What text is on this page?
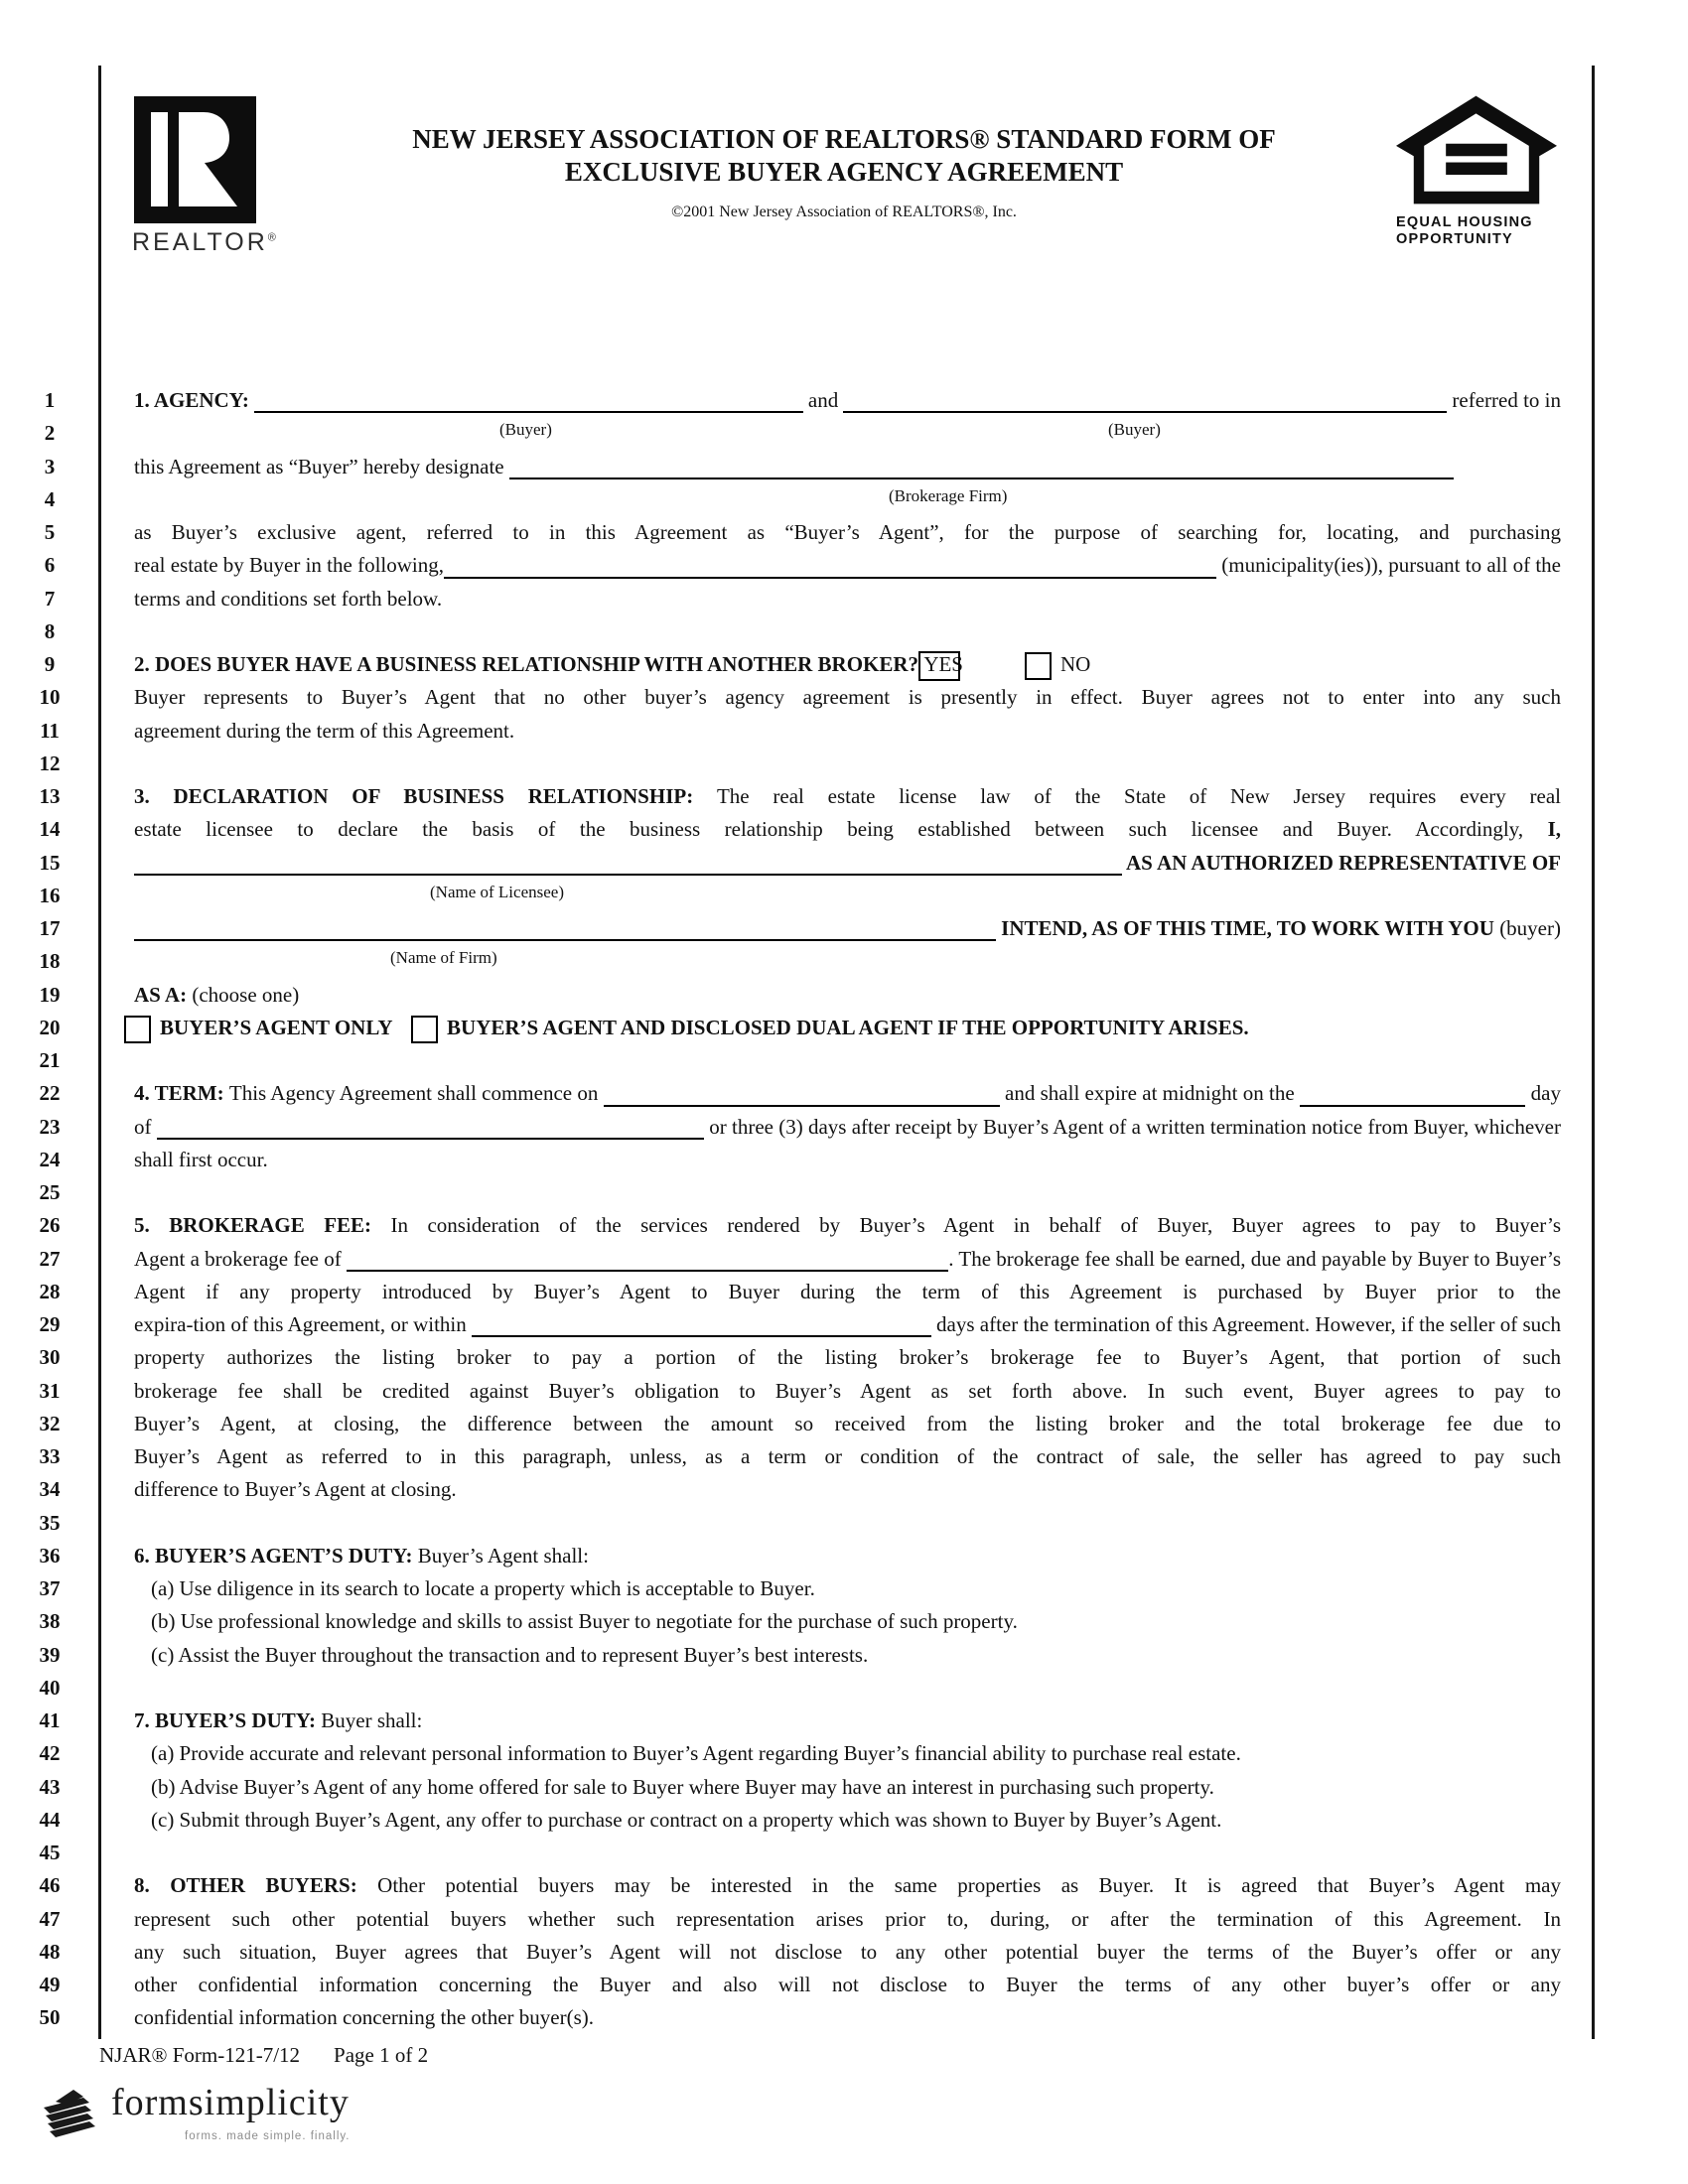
REALTOR®
NEW JERSEY ASSOCIATION OF REALTORS® STANDARD FORM OF
EXCLUSIVE BUYER AGENCY AGREEMENT
©2001 New Jersey Association of REALTORS®, Inc.
EQUAL HOUSING
OPPORTUNITY
1
2
3
4
5
6
7
8
9
10
11
12
13
14
15
16
17
18
19
20
21
22
23
24
25
26
27
28
29
30
31
32
33
34
35
36
37
38
39
40
41
42
43
44
45
46
47
48
49
50
1. AGENCY:	and	referred to in
(Buyer)	(Buyer)
this Agreement as “Buyer” hereby designate
(Brokerage Firm)
as Buyer’s exclusive agent, referred to in this Agreement as “Buyer’s Agent”, for the purpose of searching for, locating, and purchasing
real estate by Buyer in the following,	(municipality(ies)), pursuant to all of the
terms and conditions set forth below.
2. DOES BUYER HAVE A BUSINESS RELATIONSHIP WITH ANOTHER BROKER? YES	NO
Buyer represents to Buyer’s Agent that no other buyer’s agency agreement is presently in effect. Buyer agrees not to enter into any such
agreement during the term of this Agreement.
3. DECLARATION OF BUSINESS RELATIONSHIP: The real estate license law of the State of New Jersey requires every real
estate licensee to declare the basis of the business relationship being established between such licensee and Buyer. Accordingly, I,
AS AN AUTHORIZED REPRESENTATIVE OF
(Name of Licensee)
INTEND, AS OF THIS TIME, TO WORK WITH YOU (buyer)
(Name of Firm)
AS A: (choose one)
BUYER’S AGENT ONLY BUYER’S AGENT AND DISCLOSED DUAL AGENT IF THE OPPORTUNITY ARISES.
4. TERM: This Agency Agreement shall commence on	and shall expire at midnight on the	day
of	or three (3) days after receipt by Buyer’s Agent of a written termination notice from Buyer, whichever
shall first occur.
5. BROKERAGE FEE: In consideration of the services rendered by Buyer’s Agent in behalf of Buyer, Buyer agrees to pay to Buyer’s
Agent a brokerage fee of	. The brokerage fee shall be earned, due and payable by Buyer to Buyer’s
Agent if any property introduced by Buyer’s Agent to Buyer during the term of this Agreement is purchased by Buyer prior to the
expira-tion of this Agreement, or within	days after the termination of this Agreement. However, if the seller of such
property authorizes the listing broker to pay a portion of the listing broker’s brokerage fee to Buyer’s Agent, that portion of such
brokerage fee shall be credited against Buyer’s obligation to Buyer’s Agent as set forth above. In such event, Buyer agrees to pay to
Buyer’s Agent, at closing, the difference between the amount so received from the listing broker and the total brokerage fee due to
Buyer’s Agent as referred to in this paragraph, unless, as a term or condition of the contract of sale, the seller has agreed to pay such
difference to Buyer’s Agent at closing.
6. BUYER’S AGENT’S DUTY: Buyer’s Agent shall:
(a) Use diligence in its search to locate a property which is acceptable to Buyer.
(b) Use professional knowledge and skills to assist Buyer to negotiate for the purchase of such property.
(c) Assist the Buyer throughout the transaction and to represent Buyer’s best interests.
7. BUYER’S DUTY: Buyer shall:
(a) Provide accurate and relevant personal information to Buyer’s Agent regarding Buyer’s financial ability to purchase real estate.
(b) Advise Buyer’s Agent of any home offered for sale to Buyer where Buyer may have an interest in purchasing such property.
(c) Submit through Buyer’s Agent, any offer to purchase or contract on a property which was shown to Buyer by Buyer’s Agent.
8. OTHER BUYERS: Other potential buyers may be interested in the same properties as Buyer. It is agreed that Buyer’s Agent may
represent such other potential buyers whether such representation arises prior to, during, or after the termination of this Agreement. In
any such situation, Buyer agrees that Buyer’s Agent will not disclose to any other potential buyer the terms of the Buyer’s offer or any
other confidential information concerning the Buyer and also will not disclose to Buyer the terms of any other buyer’s offer or any
confidential information concerning the other buyer(s).
NJAR® Form-121-7/12 Page 1 of 2
formsimplicity
forms. made simple. finally.
